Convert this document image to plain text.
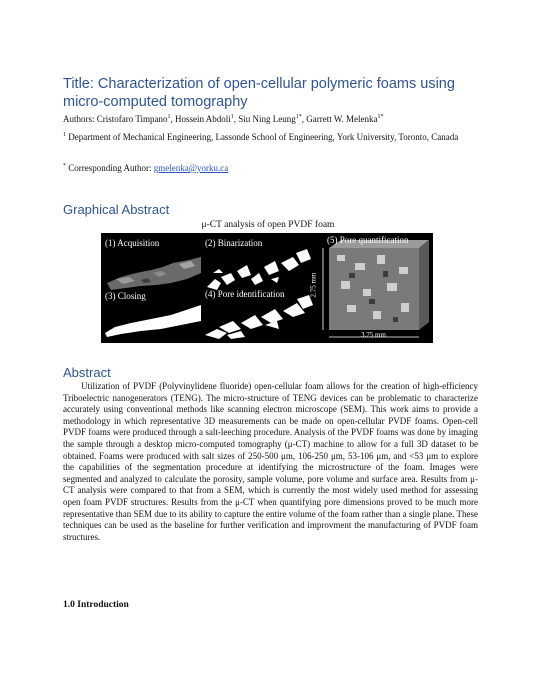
Title: Characterization of open-cellular polymeric foams using micro-computed tomography
Authors: Cristofaro Timpano$^1$, Hossein Abdoli$^1$, Siu Ning Leung$^{1*}$, Garrett W. Melenka$^{1*}$
$^1$ Department of Mechanical Engineering, Lassonde School of Engineering, York University, Toronto, Canada
* Corresponding Author: gmelenka@yorku.ca
Graphical Abstract
μ-CT analysis of open PVDF foam
(1) Acquisition	(2) Binarization
(3) Closing	(4) Pore identification
(5) Pore quantification
2.75 mm
3.75 mm
Abstract

Utilization of PVDF (Polyvinylidene fluoride) open-cellular foam allows for the creation of high-efficiency Triboelectric nanogenerators (TENG). The micro-structure of TENG devices can be problematic to characterize accurately using conventional methods like scanning electron microscope (SEM). This work aims to provide a methodology in which representative 3D measurements can be made on open-cellular PVDF foams. Open-cell PVDF foams were produced through a salt-leeching procedure. Analysis of the PVDF foams was done by imaging the sample through a desktop micro-computed tomography (μ-CT) machine to allow for a full 3D dataset to be obtained. Foams were produced with salt sizes of 250-500 μm, 106-250 μm, 53-106 μm, and <53 μm to explore the capabilities of the segmentation procedure at identifying the microstructure of the foam. Images were segmented and analyzed to calculate the porosity, sample volume, pore volume and surface area. Results from μ-CT analysis were compared to that from a SEM, which is currently the most widely used method for assessing open foam PVDF structures. Results from the μ-CT when quantifying pore dimensions proved to be much more representative than SEM due to its ability to capture the entire volume of the foam rather than a single plane. These techniques can be used as the baseline for further verification and improvment the manufacturing of PVDF foam structures.

1.0 Introduction
